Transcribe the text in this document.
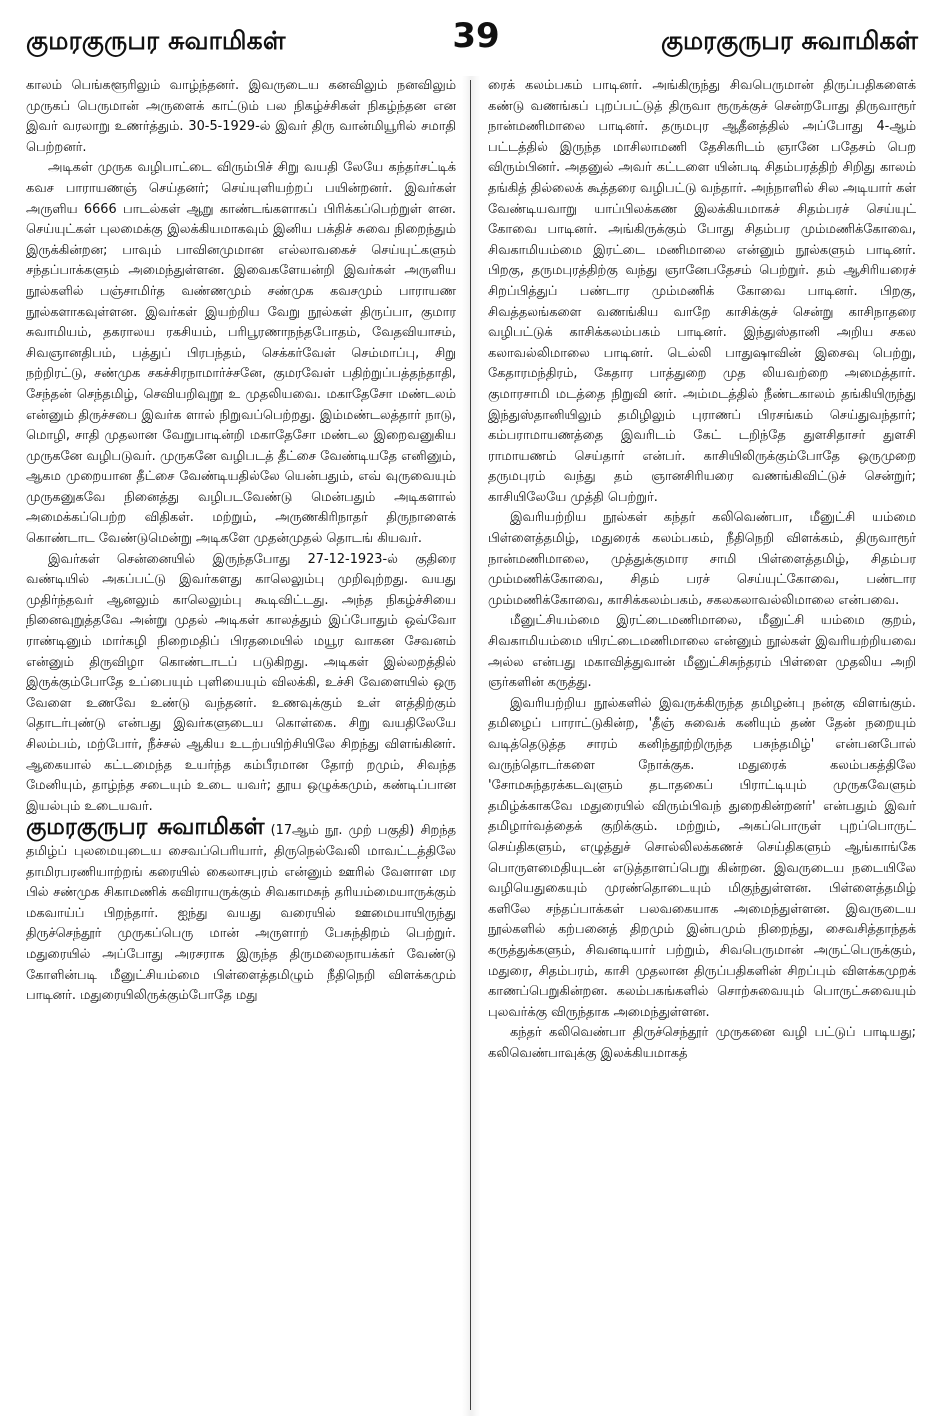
குமரகுருபர சுவாமிகள்	39	குமரகுருபர சுவாமிகள்

காலம் பெங்களூரிலும் வாழ்ந்தனர். இவருடைய கனவிலும் நனவிலும் முருகப் பெருமான் அருளைக் காட்டும் பல நிகழ்ச்சிகள் நிகழ்ந்தன என இவர் வரலாறு உணர்த்தும். 30-5-1929-ல் இவர் திரு வான்மியூரில் சமாதி பெற்றனர்.

அடிகள் முருக வழிபாட்டை விரும்பிச் சிறு வயதி லேயே கந்தர்சட்டிக் கவச பாராயணஞ் செய்தனர்; செய்யுளியற்றப் பயின்றனர். இவர்கள் அருளிய 6666 பாடல்கள் ஆறு காண்டங்களாகப் பிரிக்கப்பெற்றுள் ளன. செய்யுட்கள் புலமைக்கு இலக்கியமாகவும் இனிய பக்திச் சுவை நிறைந்தும் இருக்கின்றன; பாவும் பாவினமுமான எல்லாவகைச் செய்யுட்களும் சந்தப்பாக்களும் அமைந்துள்ளன. இவைகளேயன்றி இவர்கள் அருளிய நூல்களில் பஞ்சாமிர்த வண்ணமும் சண்முக கவசமும் பாராயண நூல்களாகவுள்ளன. இவர்கள் இயற்றிய வேறு நூல்கள் திருப்பா, குமார சுவாமியம், தகராலய ரகசியம், பரிபூரணாநந்தபோதம், வேதவியாசம், சிவஞானதிபம், பத்துப் பிரபந்தம், செக்கர்வேள் செம்மாப்பு, சிறு நற்றிரட்டு, சண்முக சகச்சிரநாமார்ச்சனே, குமரவேள் பதிற்றுப்பத்தந்தாதி, சேந்தன் செந்தமிழ், செவியறிவுறூ உ முதலியவை. மகாதேசோ மண்டலம் என்னும் திருச்சபை இவர்க ளால் நிறுவப்பெற்றது. இம்மண்டலத்தார் நாடு, மொழி, சாதி முதலான வேறுபாடின்றி மகாதேசோ மண்டல இறைவனுகிய முருகனே வழிபடுவர். முருகனே வழிபடத் தீட்சை வேண்டியதே எனினும், ஆகம முறையான தீட்சை வேண்டியதில்லே யென்பதும், எவ் வுருவையும் முருகனுகவே நினைத்து வழிபடவேண்டு மென்பதும் அடிகளால் அமைக்கப்பெற்ற விதிகள். மற்றும், அருணகிரிநாதர் திருநாளைக் கொண்டாட வேண்டுமென்று அடிகளே முதன்முதல் தொடங் கியவர்.

இவர்கள் சென்னையில் இருந்தபோது 27-12-1923-ல் குதிரை வண்டியில் அகப்பட்டு இவர்களது காலெலும்பு முறிவுற்றது. வயது முதிர்ந்தவர் ஆனலும் காலெலும்பு கூடிவிட்டது. அந்த நிகழ்ச்சியை நினைவுறுத்தவே அன்று முதல் அடிகள் காலத்தும் இப்போதும் ஒவ்வோ ராண்டினும் மார்கழி நிறைமதிப் பிரதமையில் மயூர வாகன சேவனம் என்னும் திருவிழா கொண்டாடப் படுகிறது. அடிகள் இல்லறத்தில் இருக்கும்போதே உப்பையும் புளியையும் விலக்கி, உச்சி வேளையில் ஒரு வேளை உணவே உண்டு வந்தனர். உணவுக்கும் உள் ளத்திற்கும் தொடர்புண்டு என்பது இவர்களுடைய கொள்கை. சிறு வயதிலேயே சிலம்பம், மற்போர், நீச்சல் ஆகிய உடற்பயிற்சியிலே சிறந்து விளங்கினர். ஆகையால் கட்டமைந்த உயர்ந்த கம்பீரமான தோற் றமும், சிவந்த மேனியும், தாழ்ந்த சடையும் உடை யவர்; தூய ஒழுக்கமும், கண்டிப்பான இயல்பும் உடையவர்.

குமரகுருபர சுவாமிகள் (17ஆம் நூ. முற் பகுதி) சிறந்த தமிழ்ப் புலமையுடைய சைவப்பெரியார், திருநெல்வேலி மாவட்டத்திலே தாமிரபரணியாற்றங் கரையில் கைலாசபுரம் என்னும் ஊரில் வேளாள மர பில் சண்முக சிகாமணிக் கவிராயருக்கும் சிவகாமசுந் தரியம்மையாருக்கும் மகவாய்ப் பிறந்தார். ஐந்து வயது வரையில் ஊமையாயிருந்து திருச்செந்தூர் முருகப்பெரு மான் அருளாற் பேசுந்திறம் பெற்றுர். மதுரையில் அப்போது அரசராக இருந்த திருமலைநாயக்கர் வேண்டு கோளின்படி மீனுட்சியம்மை பிள்ளைத்தமிழும் நீதிநெறி விளக்கமும் பாடினர். மதுரையிலிருக்கும்போதே மது

ரைக் கலம்பகம் பாடினர். அங்கிருந்து சிவபெருமான் திருப்பதிகளைக் கண்டு வணங்கப் புறப்பட்டுத் திருவா ரூருக்குச் சென்றபோது திருவாரூர் நான்மணிமாலை பாடினர். தருமபுர ஆதீனத்தில் அப்போது 4-ஆம் பட்டத்தில் இருந்த மாசிலாமணி தேசிகரிடம் ஞானே பதேசம் பெற விரும்பினர். அதனுல் அவர் கட்டளை யின்படி சிதம்பரத்திற் சிறிது காலம் தங்கித் தில்லைக் கூத்தரை வழிபட்டு வந்தார். அந்நாளில் சில அடியார் கள் வேண்டியவாறு யாப்பிலக்கண இலக்கியமாகச் சிதம்பரச் செய்யுட் கோவை பாடினர். அங்கிருக்கும் போது சிதம்பர மும்மணிக்கோவை, சிவகாமியம்மை இரட்டை மணிமாலை என்னும் நூல்களும் பாடினர். பிறகு, தருமபுரத்திற்கு வந்து ஞானேபதேசம் பெற்றுர். தம் ஆசிரியரைச் சிறப்பித்துப் பண்டார மும்மணிக் கோவை பாடினர். பிறகு, சிவத்தலங்களை வணங்கிய வாறே காசிக்குச் சென்று காசிநாதரை வழிபட்டுக் காசிக்கலம்பகம் பாடினர். இந்துஸ்தானி அறிய சகல கலாவல்லிமாலை பாடினர். டெல்லி பாதுஷாவின் இசைவு பெற்று, கேதாரமந்திரம், கேதார பாத்துறை முத லியவற்றை அமைத்தார். குமாரசாமி மடத்தை நிறுவி னர். அம்மடத்தில் நீண்டகாலம் தங்கியிருந்து இந்துஸ்தானியிலும் தமிழிலும் புராணப் பிரசங்கம் செய்துவந்தார்; கம்பராமாயணத்தை இவரிடம் கேட் டறிந்தே துளசிதாசர் துளசி ராமாயணம் செய்தார் என்பர். காசியிலிருக்கும்போதே ஒருமுறை தருமபுரம் வந்து தம் ஞானசிரியரை வணங்கிவிட்டுச் சென்றுர்; காசியிலேயே முத்தி பெற்றுர்.

இவரியற்றிய நூல்கள் கந்தர் கலிவெண்பா, மீனுட்சி யம்மை பிள்ளைத்தமிழ், மதுரைக் கலம்பகம், நீதிநெறி விளக்கம், திருவாரூர் நான்மணிமாலை, முத்துக்குமார சாமி பிள்ளைத்தமிழ், சிதம்பர மும்மணிக்கோவை, சிதம் பரச் செய்யுட்கோவை, பண்டார மும்மணிக்கோவை, காசிக்கலம்பகம், சகலகலாவல்லிமாலை என்பவை.

மீனுட்சியம்மை இரட்டைமணிமாலை, மீனுட்சி யம்மை குறம், சிவகாமியம்மை யிரட்டைமணிமாலை என்னும் நூல்கள் இவரியற்றியவை அல்ல என்பது மகாவித்துவான் மீனுட்சிசுந்தரம் பிள்ளை முதலிய அறி ஞர்களின் கருத்து.

இவரியற்றிய நூல்களில் இவருக்கிருந்த தமிழன்பு நன்கு விளங்கும். தமிழைப் பாராட்டுகின்ற, 'தீஞ் சுவைக் கனியும் தண் தேன் நறையும் வடித்தெடுத்த சாரம் கனிந்தூற்றிருந்த பசுந்தமிழ்' என்பனபோல் வருந்தொடர்களை நோக்குக. மதுரைக் கலம்பகத்திலே 'சோமசுந்தரக்கடவுளும் தடாதகைப் பிராட்டியும் முருகவேளும் தமிழ்க்காகவே மதுரையில் விரும்பிவந் துறைகின்றனர்' என்பதும் இவர் தமிழார்வத்தைக் குறிக்கும். மற்றும், அகப்பொருள் புறப்பொருட் செய்திகளும், எழுத்துச் சொல்லிலக்கணச் செய்திகளும் ஆங்காங்கே பொருளமைதியுடன் எடுத்தாளப்பெறு கின்றன. இவருடைய நடையிலே வழியெதுகையும் முரண்தொடையும் மிகுந்துள்ளன. பிள்ளைத்தமிழ் களிலே சந்தப்பாக்கள் பலவகையாக அமைந்துள்ளன. இவருடைய நூல்களில் கற்பனைத் திறமும் இன்பமும் நிறைந்து, சைவசித்தாந்தக் கருத்துக்களும், சிவனடியார் பற்றும், சிவபெருமான் அருட்பெருக்கும், மதுரை, சிதம்பரம், காசி முதலான திருப்பதிகளின் சிறப்பும் விளக்கமுறக் காணப்பெறுகின்றன. கலம்பகங்களில் சொற்சுவையும் பொருட்சுவையும் புலவர்க்கு விருந்தாக அமைந்துள்ளன.

கந்தர் கலிவெண்பா திருச்செந்தூர் முருகனை வழி பட்டுப் பாடியது; கலிவெண்பாவுக்கு இலக்கியமாகத்
